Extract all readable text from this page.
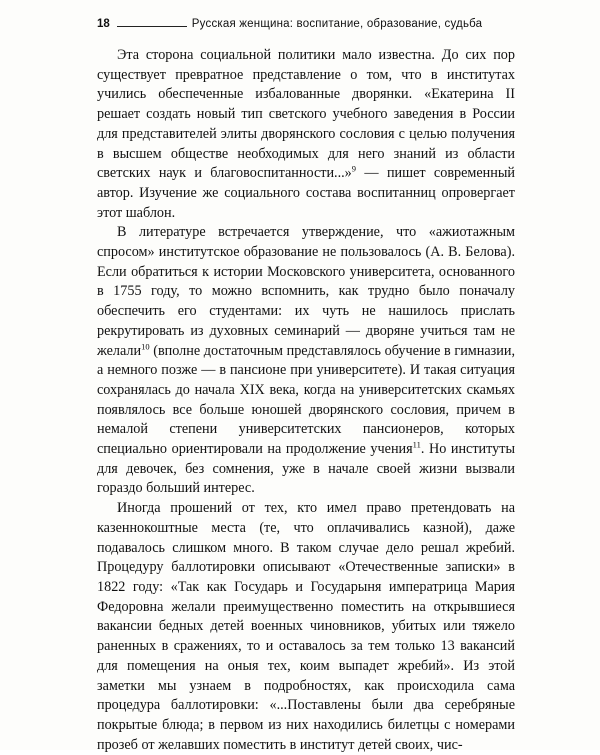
18	Русская женщина: воспитание, образование, судьба

Эта сторона социальной политики мало известна. До сих пор существует превратное представление о том, что в институтах учились обеспеченные избалованные дворянки. «Екатерина II решает создать новый тип светского учебного заведения в России для представителей элиты дворянского сословия с целью получения в высшем обществе необходимых для него знаний из области светских наук и благовоспитанности...»$^9$ — пишет современный автор. Изучение же социального состава воспитанниц опровергает этот шаблон.

В литературе встречается утверждение, что «ажиотажным спросом» институтское образование не пользовалось (А. В. Белова). Если обратиться к истории Московского университета, основанного в 1755 году, то можно вспомнить, как трудно было поначалу обеспечить его студентами: их чуть не нашилось прислать рекрутировать из духовных семинарий — дворяне учиться там не желали$^{10}$ (вполне достаточным представлялось обучение в гимназии, а немного позже — в пансионе при университете). И такая ситуация сохранялась до начала XIX века, когда на университетских скамьях появлялось все больше юношей дворянского сословия, причем в немалой степени университетских пансионеров, которых специально ориентировали на продолжение учения$^{11}$. Но институты для девочек, без сомнения, уже в начале своей жизни вызвали гораздо больший интерес.

Иногда прошений от тех, кто имел право претендовать на казеннокоштные места (те, что оплачивались казной), даже подавалось слишком много. В таком случае дело решал жребий. Процедуру баллотировки описывают «Отечественные записки» в 1822 году: «Так как Государь и Государыня императрица Мария Федоровна желали преимущественно поместить на открывшиеся вакансии бедных детей военных чиновников, убитых или тяжело раненных в сражениях, то и оставалось за тем только 13 вакансий для помещения на оныя тех, коим выпадет жребий». Из этой заметки мы узнаем в подробностях, как происходила сама процедура баллотировки: «...Поставлены были два серебряные покрытые блюда; в первом из них находились билетцы с номерами прозеб от желавших поместить в институт детей своих, чис-
